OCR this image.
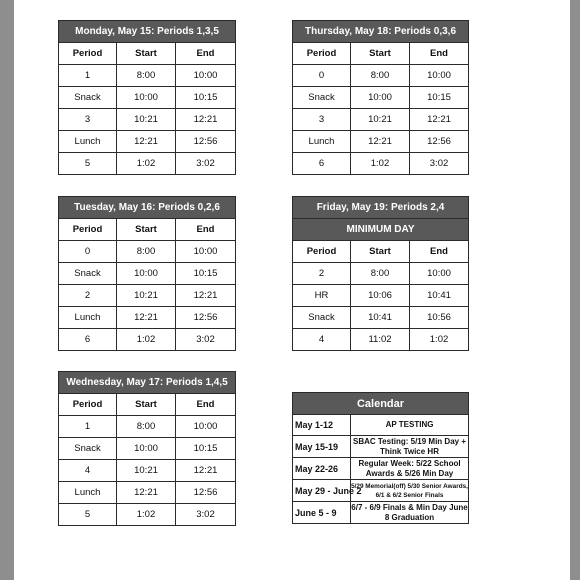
Monday, May 15: Periods 1,3,5		
Period	Start	End
1	8:00	10:00
Snack	10:00	10:15
3	10:21	12:21
Lunch	12:21	12:56
5	1:02	3:02
Thursday, May 18: Periods 0,3,6		
Period	Start	End
0	8:00	10:00
Snack	10:00	10:15
3	10:21	12:21
Lunch	12:21	12:56
6	1:02	3:02
Tuesday, May 16: Periods 0,2,6		
Period	Start	End
0	8:00	10:00
Snack	10:00	10:15
2	10:21	12:21
Lunch	12:21	12:56
6	1:02	3:02
Friday, May 19: Periods 2,4		
MINIMUM DAY		
Period	Start	End
2	8:00	10:00
HR	10:06	10:41
Snack	10:41	10:56
4	11:02	1:02
Wednesday, May 17: Periods 1,4,5		
Period	Start	End
1	8:00	10:00
Snack	10:00	10:15
4	10:21	12:21
Lunch	12:21	12:56
5	1:02	3:02
Calendar	
May 1-12	AP TESTING
May 15-19	SBAC Testing: 5/19 Min Day + Think Twice HR
May 22-26	Regular Week: 5/22 School Awards & 5/26 Min Day
May 29 - June 2	5/29 Memorial(off) 5/30 Senior Awards, 6/1 & 6/2 Senior Finals
June 5 - 9	6/7 - 6/9 Finals & Min Day June 8 Graduation
